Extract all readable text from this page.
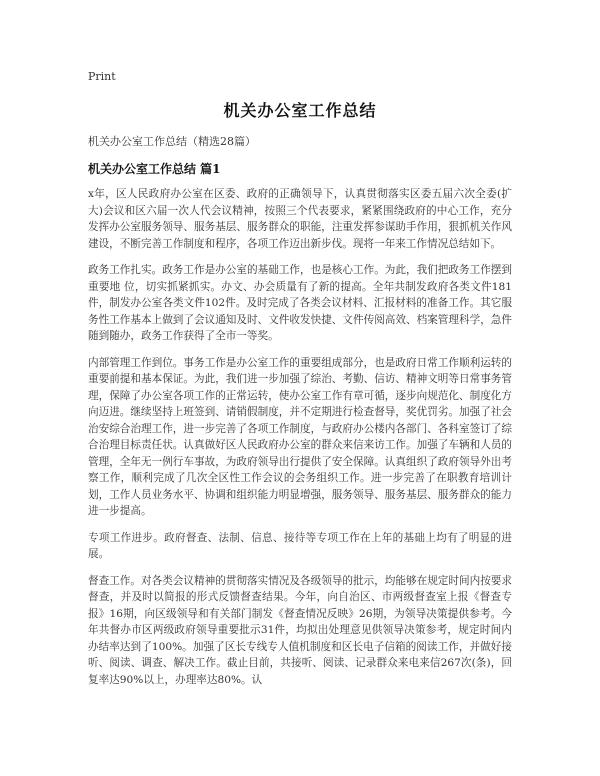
Print
机关办公室工作总结
机关办公室工作总结（精选28篇）
机关办公室工作总结 篇1

x年，区人民政府办公室在区委、政府的正确领导下，认真贯彻落实区委五届六次全委(扩大)会议和区六届一次人代会议精神，按照三个代表要求，紧紧围绕政府的中心工作，充分发挥办公室服务领导、服务基层、服务群众的职能，注重发挥参谋助手作用，狠抓机关作风建设，不断完善工作制度和程序，各项工作迈出新步伐。现将一年来工作情况总结如下。

政务工作扎实。政务工作是办公室的基础工作，也是核心工作。为此，我们把政务工作摆到重要地 位，切实抓紧抓实。办文、办会质量有了新的提高。全年共制发政府各类文件181件，制发办公室各类文件102件。及时完成了各类会议材料、汇报材料的准备工作。其它服务性工作基本上做到了会议通知及时、文件收发快捷、文件传阅高效、档案管理科学，急件随到随办，政务工作获得了全市一等奖。

内部管理工作到位。事务工作是办公室工作的重要组成部分，也是政府日常工作顺利运转的重要前提和基本保证。为此，我们进一步加强了综治、考勤、信访、精神文明等日常事务管理，保障了办公室各项工作的正常运转，使办公室工作有章可循，逐步向规范化、制度化方向迈进。继续坚持上班签到、请销假制度，并不定期进行检查督导，奖优罚劣。加强了社会治安综合治理工作，进一步完善了各项工作制度，与政府办公楼内各部门、各科室签订了综合治理目标责任状。认真做好区人民政府办公室的群众来信来访工作。加强了车辆和人员的管理，全年无一例行车事故，为政府领导出行提供了安全保障。认真组织了政府领导外出考察工作，顺利完成了几次全区性工作会议的会务组织工作。进一步完善了在职教育培训计划，工作人员业务水平、协调和组织能力明显增强，服务领导、服务基层、服务群众的能力进一步提高。

专项工作进步。政府督查、法制、信息、接待等专项工作在上年的基础上均有了明显的进展。

督查工作。对各类会议精神的贯彻落实情况及各级领导的批示，均能够在规定时间内按要求督查，并及时以简报的形式反馈督查结果。今年，向自治区、市两级督查室上报《督查专报》16期，向区级领导和有关部门制发《督查情况反映》26期，为领导决策提供参考。今年共督办市区两级政府领导重要批示31件，均拟出处理意见供领导决策参考，规定时间内办结率达到了100%。加强了区长专线专人值机制度和区长电子信箱的阅读工作，并做好接听、阅读、调查、解决工作。截止目前，共接听、阅读、记录群众来电来信267次(条)，回复率达90%以上，办理率达80%。认
